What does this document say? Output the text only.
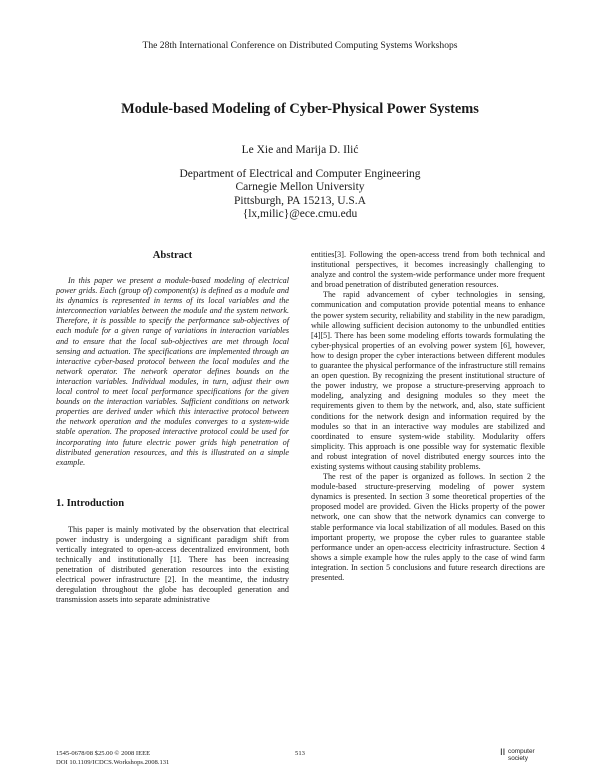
The 28th International Conference on Distributed Computing Systems Workshops
Module-based Modeling of Cyber-Physical Power Systems
Le Xie and Marija D. Ilić
Department of Electrical and Computer Engineering
Carnegie Mellon University
Pittsburgh, PA 15213, U.S.A
{lx,milic}@ece.cmu.edu
Abstract

In this paper we present a module-based modeling of electrical power grids. Each (group of) component(s) is defined as a module and its dynamics is represented in terms of its local variables and the interconnection variables between the module and the system network. Therefore, it is possible to specify the performance sub-objectives of each module for a given range of variations in interaction variables and to ensure that the local sub-objectives are met through local sensing and actuation. The specifications are implemented through an interactive cyber-based protocol between the local modules and the network operator. The network operator defines bounds on the interaction variables. Individual modules, in turn, adjust their own local control to meet local performance specifications for the given bounds on the interaction variables. Sufficient conditions on network properties are derived under which this interactive protocol between the network operation and the modules converges to a system-wide stable operation. The proposed interactive protocol could be used for incorporating into future electric power grids high penetration of distributed generation resources, and this is illustrated on a simple example.

1. Introduction

This paper is mainly motivated by the observation that electrical power industry is undergoing a significant paradigm shift from vertically integrated to open-access decentralized environment, both technically and institutionally [1]. There has been increasing penetration of distributed generation resources into the existing electrical power infrastructure [2]. In the meantime, the industry deregulation throughout the globe has decoupled generation and transmission assets into separate administrative

entities[3]. Following the open-access trend from both technical and institutional perspectives, it becomes increasingly challenging to analyze and control the system-wide performance under more frequent and broad penetration of distributed generation resources.

The rapid advancement of cyber technologies in sensing, communication and computation provide potential means to enhance the power system security, reliability and stability in the new paradigm, while allowing sufficient decision autonomy to the unbundled entities [4][5]. There has been some modeling efforts towards formulating the cyber-physical properties of an evolving power system [6], however, how to design proper the cyber interactions between different modules to guarantee the physical performance of the infrastructure still remains an open question. By recognizing the present institutional structure of the power industry, we propose a structure-preserving approach to modeling, analyzing and designing modules so they meet the requirements given to them by the network, and, also, state sufficient conditions for the network design and information required by the modules so that in an interactive way modules are stabilized and coordinated to ensure system-wide stability. Modularity offers simplicity. This approach is one possible way for systematic flexible and robust integration of novel distributed energy sources into the existing systems without causing stability problems.

The rest of the paper is organized as follows. In section 2 the module-based structure-preserving modeling of power system dynamics is presented. In section 3 some theoretical properties of the proposed model are provided. Given the Hicks property of the power network, one can show that the network dynamics can converge to stable performance via local stabilization of all modules. Based on this important property, we propose the cyber rules to guarantee stable performance under an open-access electricity infrastructure. Section 4 shows a simple example how the rules apply to the case of wind farm integration. In section 5 conclusions and future research directions are presented.

1545-0678/08 $25.00 © 2008 IEEE
DOI 10.1109/ICDCS.Workshops.2008.131
513	II computer society
